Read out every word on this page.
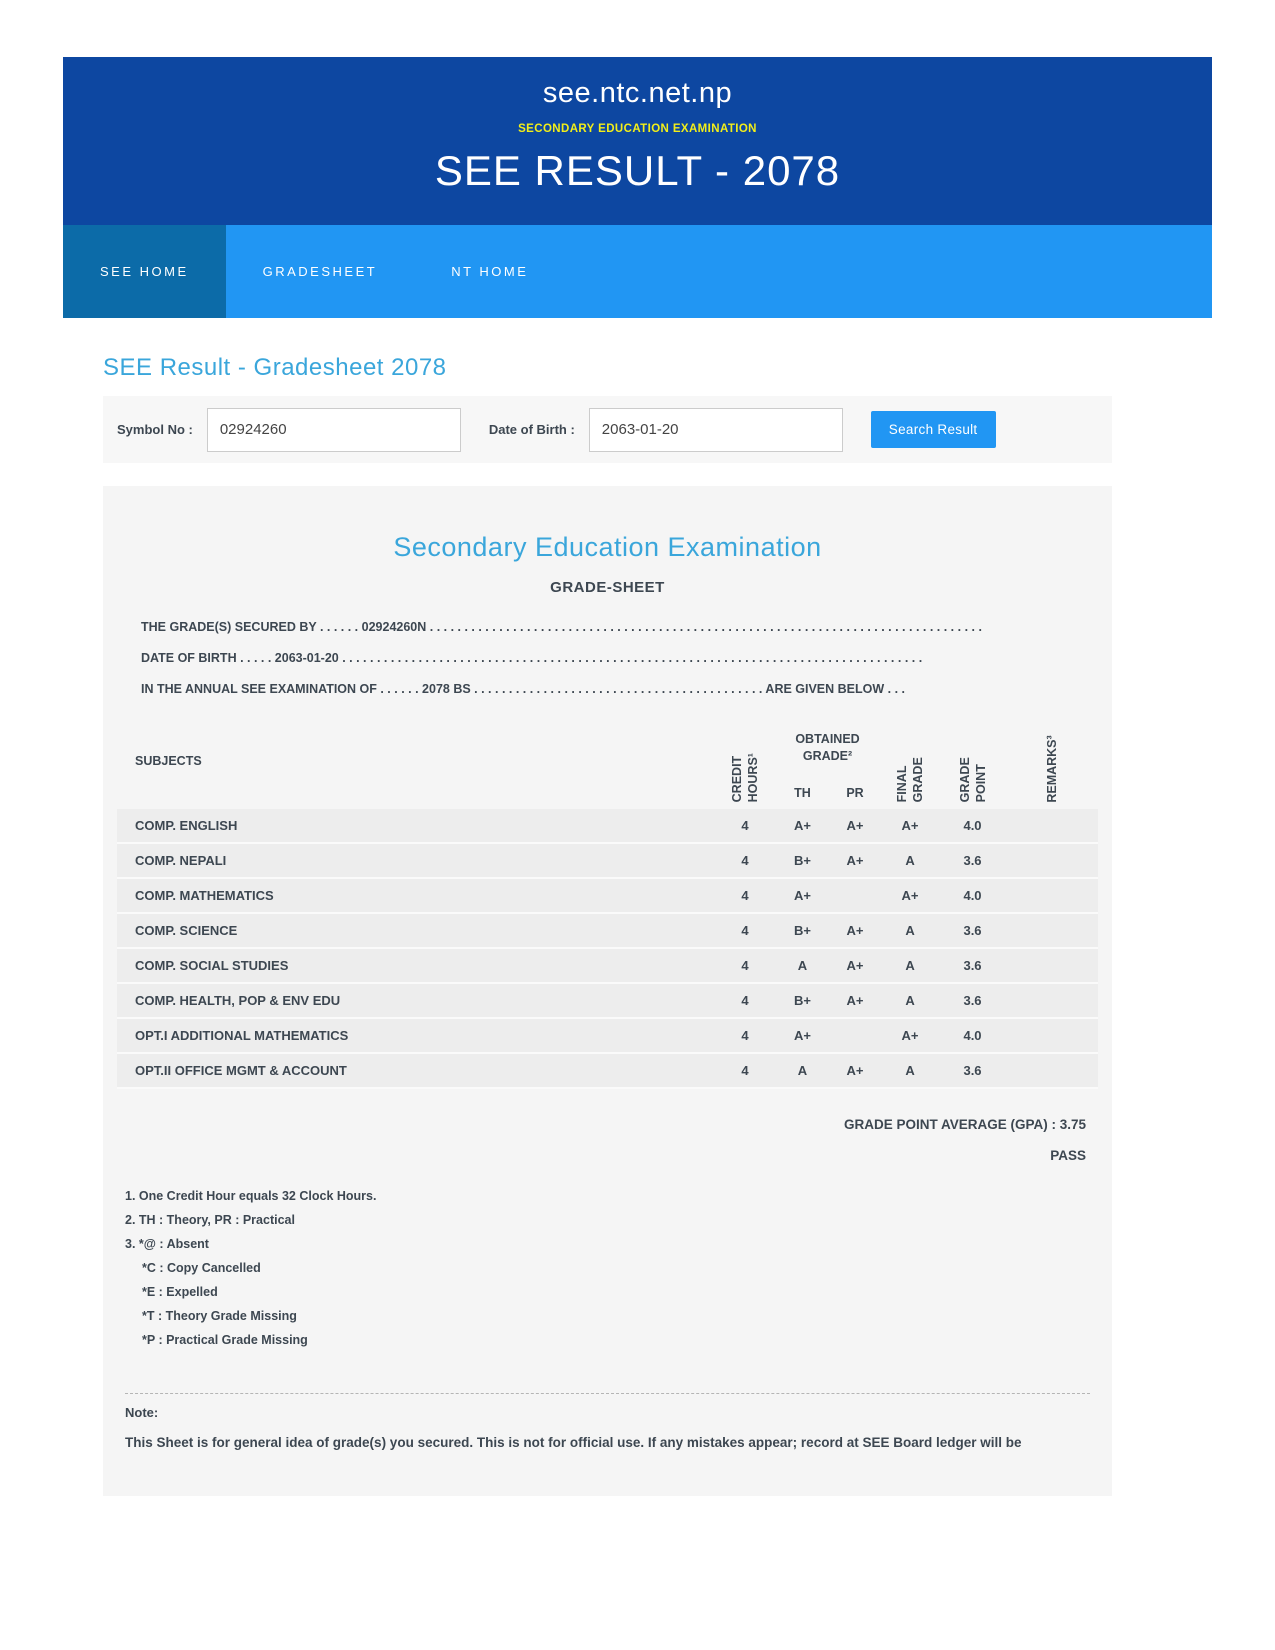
see.ntc.net.np
SECONDARY EDUCATION EXAMINATION
SEE RESULT - 2078
SEE HOME	GRADESHEET	NT HOME
SEE Result - Gradesheet 2078
Symbol No :
02924260	Date of Birth :
2063-01-20	Search Result
Secondary Education Examination
GRADE-SHEET

THE GRADE(S) SECURED BY . . . . . . 02924260N . . . . . . . . . . . . . . . . . . . . . . . . . . . . . . . . . . . . . . . . . . . . . . . . . . . . . . . . . . . . . . . . . . . . . . . . . . . . . . . .

DATE OF BIRTH . . . . . 2063-01-20 . . . . . . . . . . . . . . . . . . . . . . . . . . . . . . . . . . . . . . . . . . . . . . . . . . . . . . . . . . . . . . . . . . . . . . . . . . . . . . . . . . . .

IN THE ANNUAL SEE EXAMINATION OF . . . . . . 2078 BS . . . . . . . . . . . . . . . . . . . . . . . . . . . . . . . . . . . . . . . . . . ARE GIVEN BELOW . . .

SUBJECTS	CREDIT HOURS¹	OBTAINED GRADE²		FINAL GRADE	GRADE POINT	REMARKS³

		TH	PR			
COMP. ENGLISH	4	A+	A+	A+	4.0	
COMP. NEPALI	4	B+	A+	A	3.6	
COMP. MATHEMATICS	4	A+		A+	4.0	
COMP. SCIENCE	4	B+	A+	A	3.6	
COMP. SOCIAL STUDIES	4	A	A+	A	3.6	
COMP. HEALTH, POP & ENV EDU	4	B+	A+	A	3.6	
OPT.I ADDITIONAL MATHEMATICS	4	A+		A+	4.0	
OPT.II OFFICE MGMT & ACCOUNT	4	A	A+	A	3.6	
GRADE POINT AVERAGE (GPA) : 3.75
PASS
1. One Credit Hour equals 32 Clock Hours.
2. TH : Theory, PR : Practical
3. *@ : Absent
*C : Copy Cancelled
*E : Expelled
*T : Theory Grade Missing
*P : Practical Grade Missing
Note:
This Sheet is for general idea of grade(s) you secured. This is not for official use. If any mistakes appear; record at SEE Board ledger will be
